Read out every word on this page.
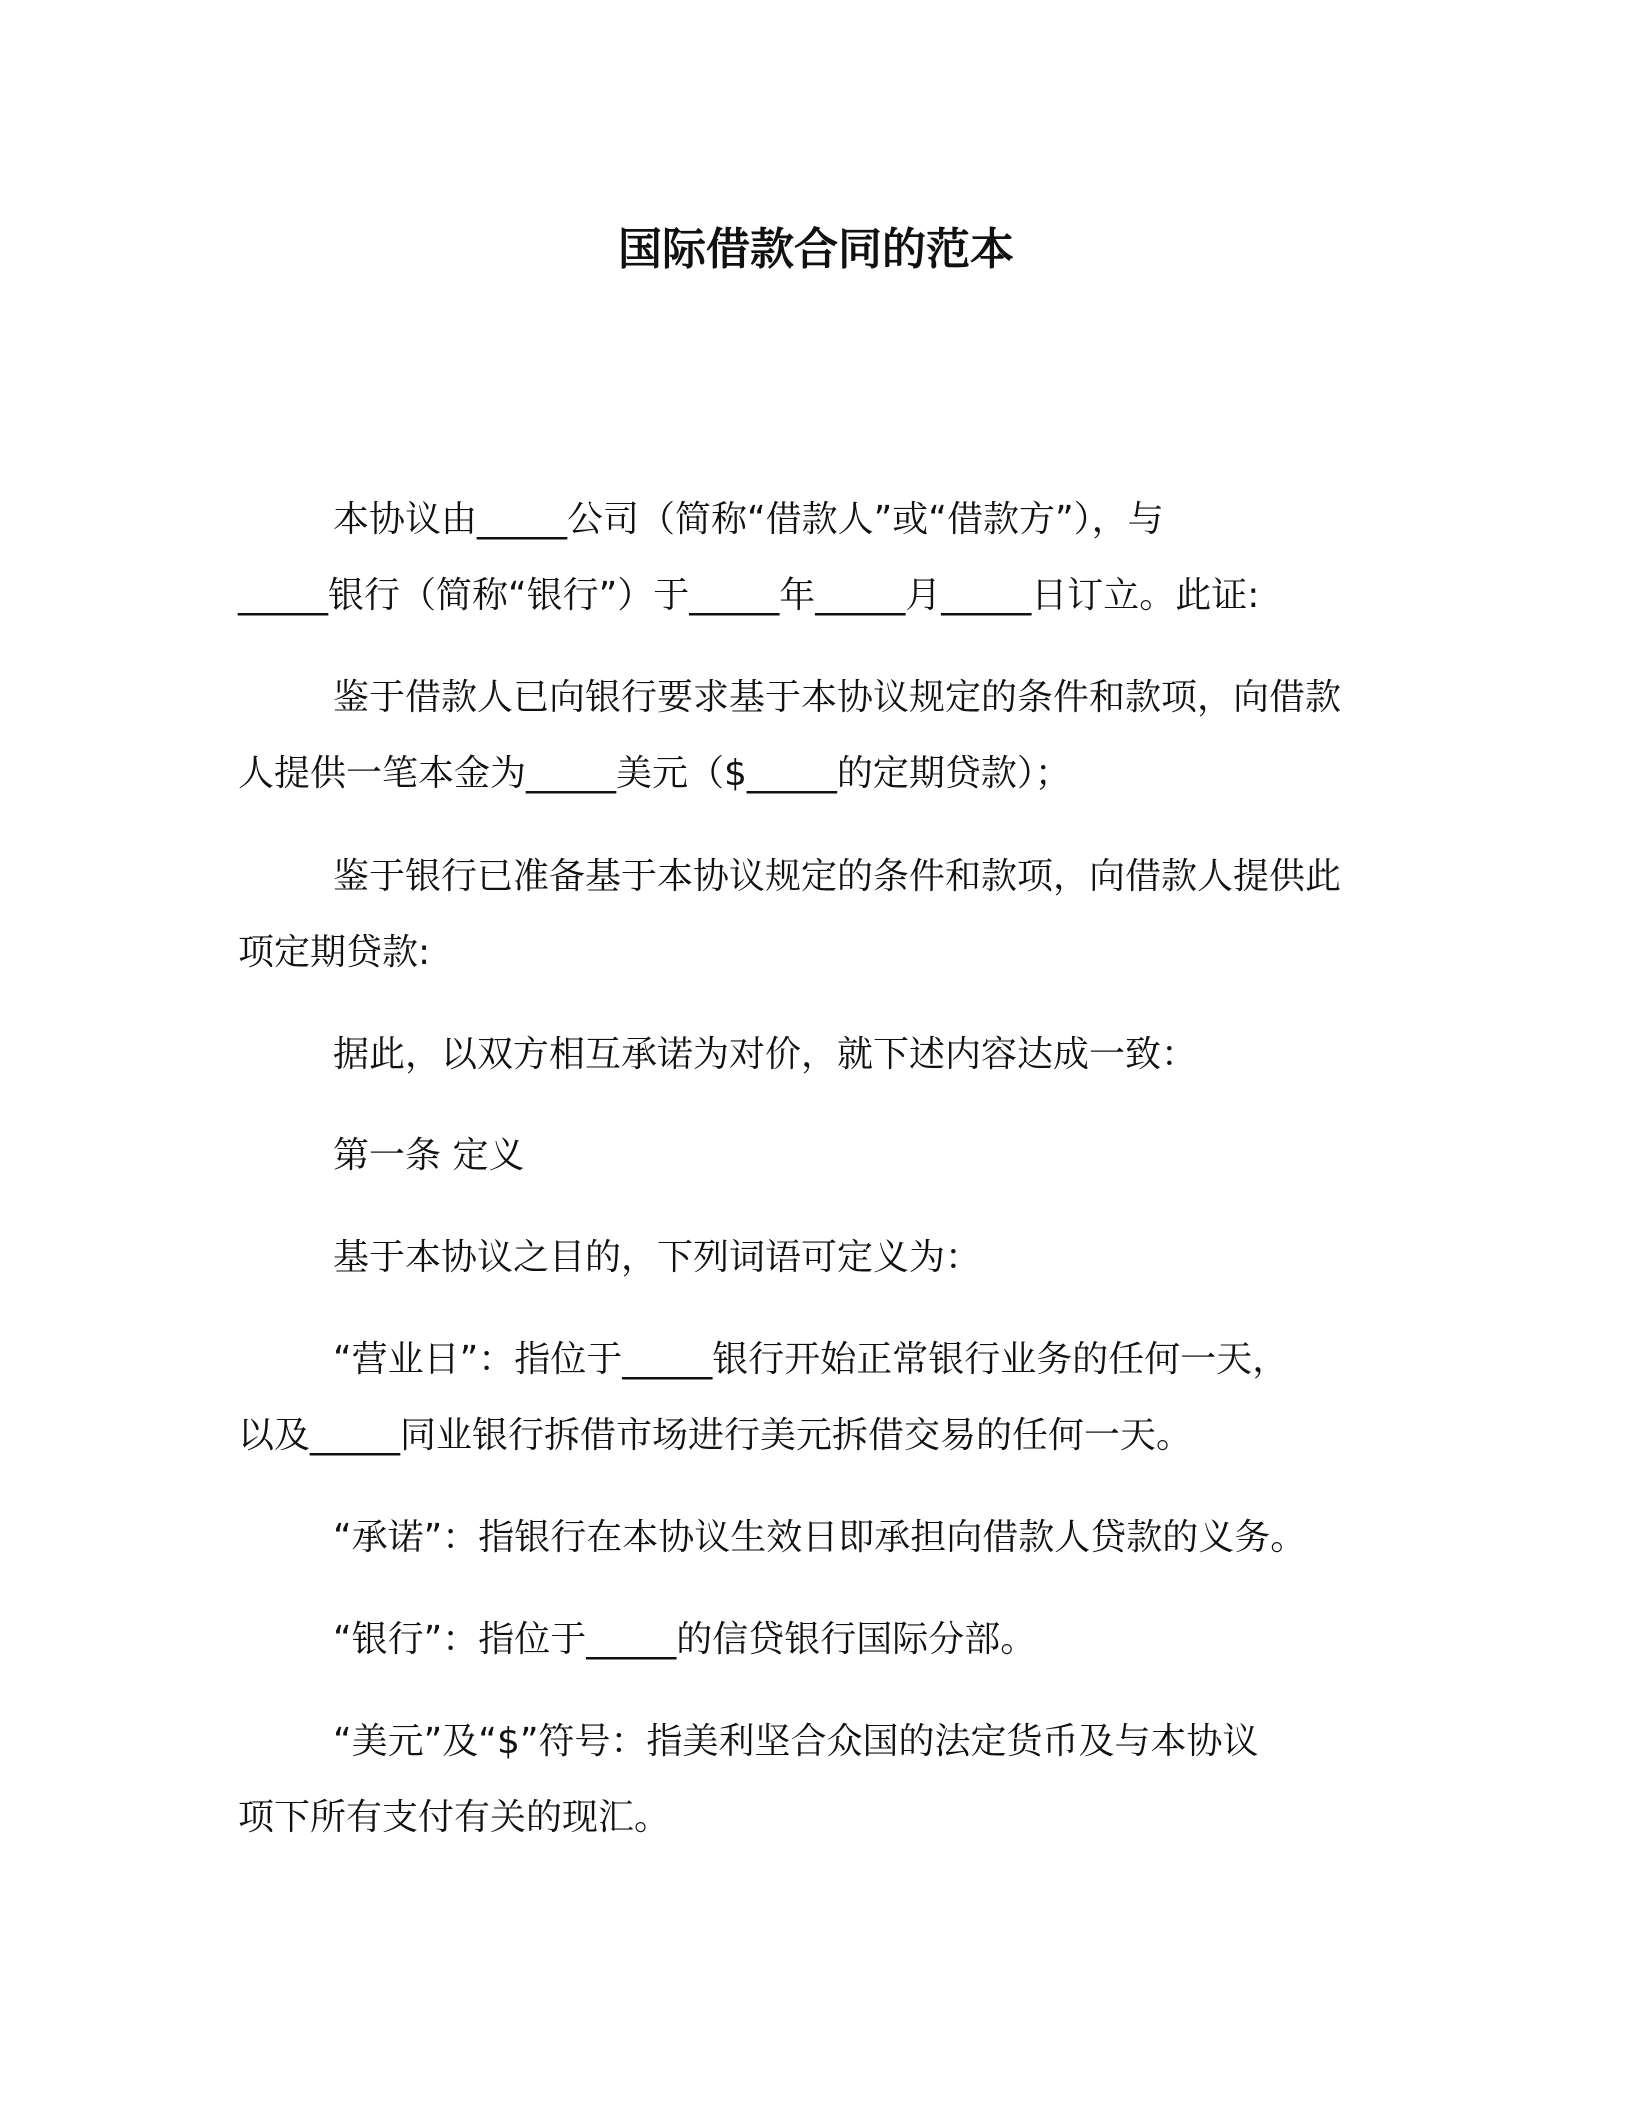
国际借款合同的范本
本协议由_____公司（简称“借款人”或“借款方”），与
_____银行（简称“银行”）于_____年_____月_____日订立。此证:
鉴于借款人已向银行要求基于本协议规定的条件和款项，向借款
人提供一笔本金为_____美元（$_____的定期贷款）；
鉴于银行已准备基于本协议规定的条件和款项，向借款人提供此
项定期贷款:
据此，以双方相互承诺为对价，就下述内容达成一致：
第一条 定义
基于本协议之目的，下列词语可定义为：
“营业日”：指位于_____银行开始正常银行业务的任何一天，
以及_____同业银行拆借市场进行美元拆借交易的任何一天。
“承诺”：指银行在本协议生效日即承担向借款人贷款的义务。
“银行”：指位于_____的信贷银行国际分部。
“美元”及“$”符号：指美利坚合众国的法定货币及与本协议
项下所有支付有关的现汇。
